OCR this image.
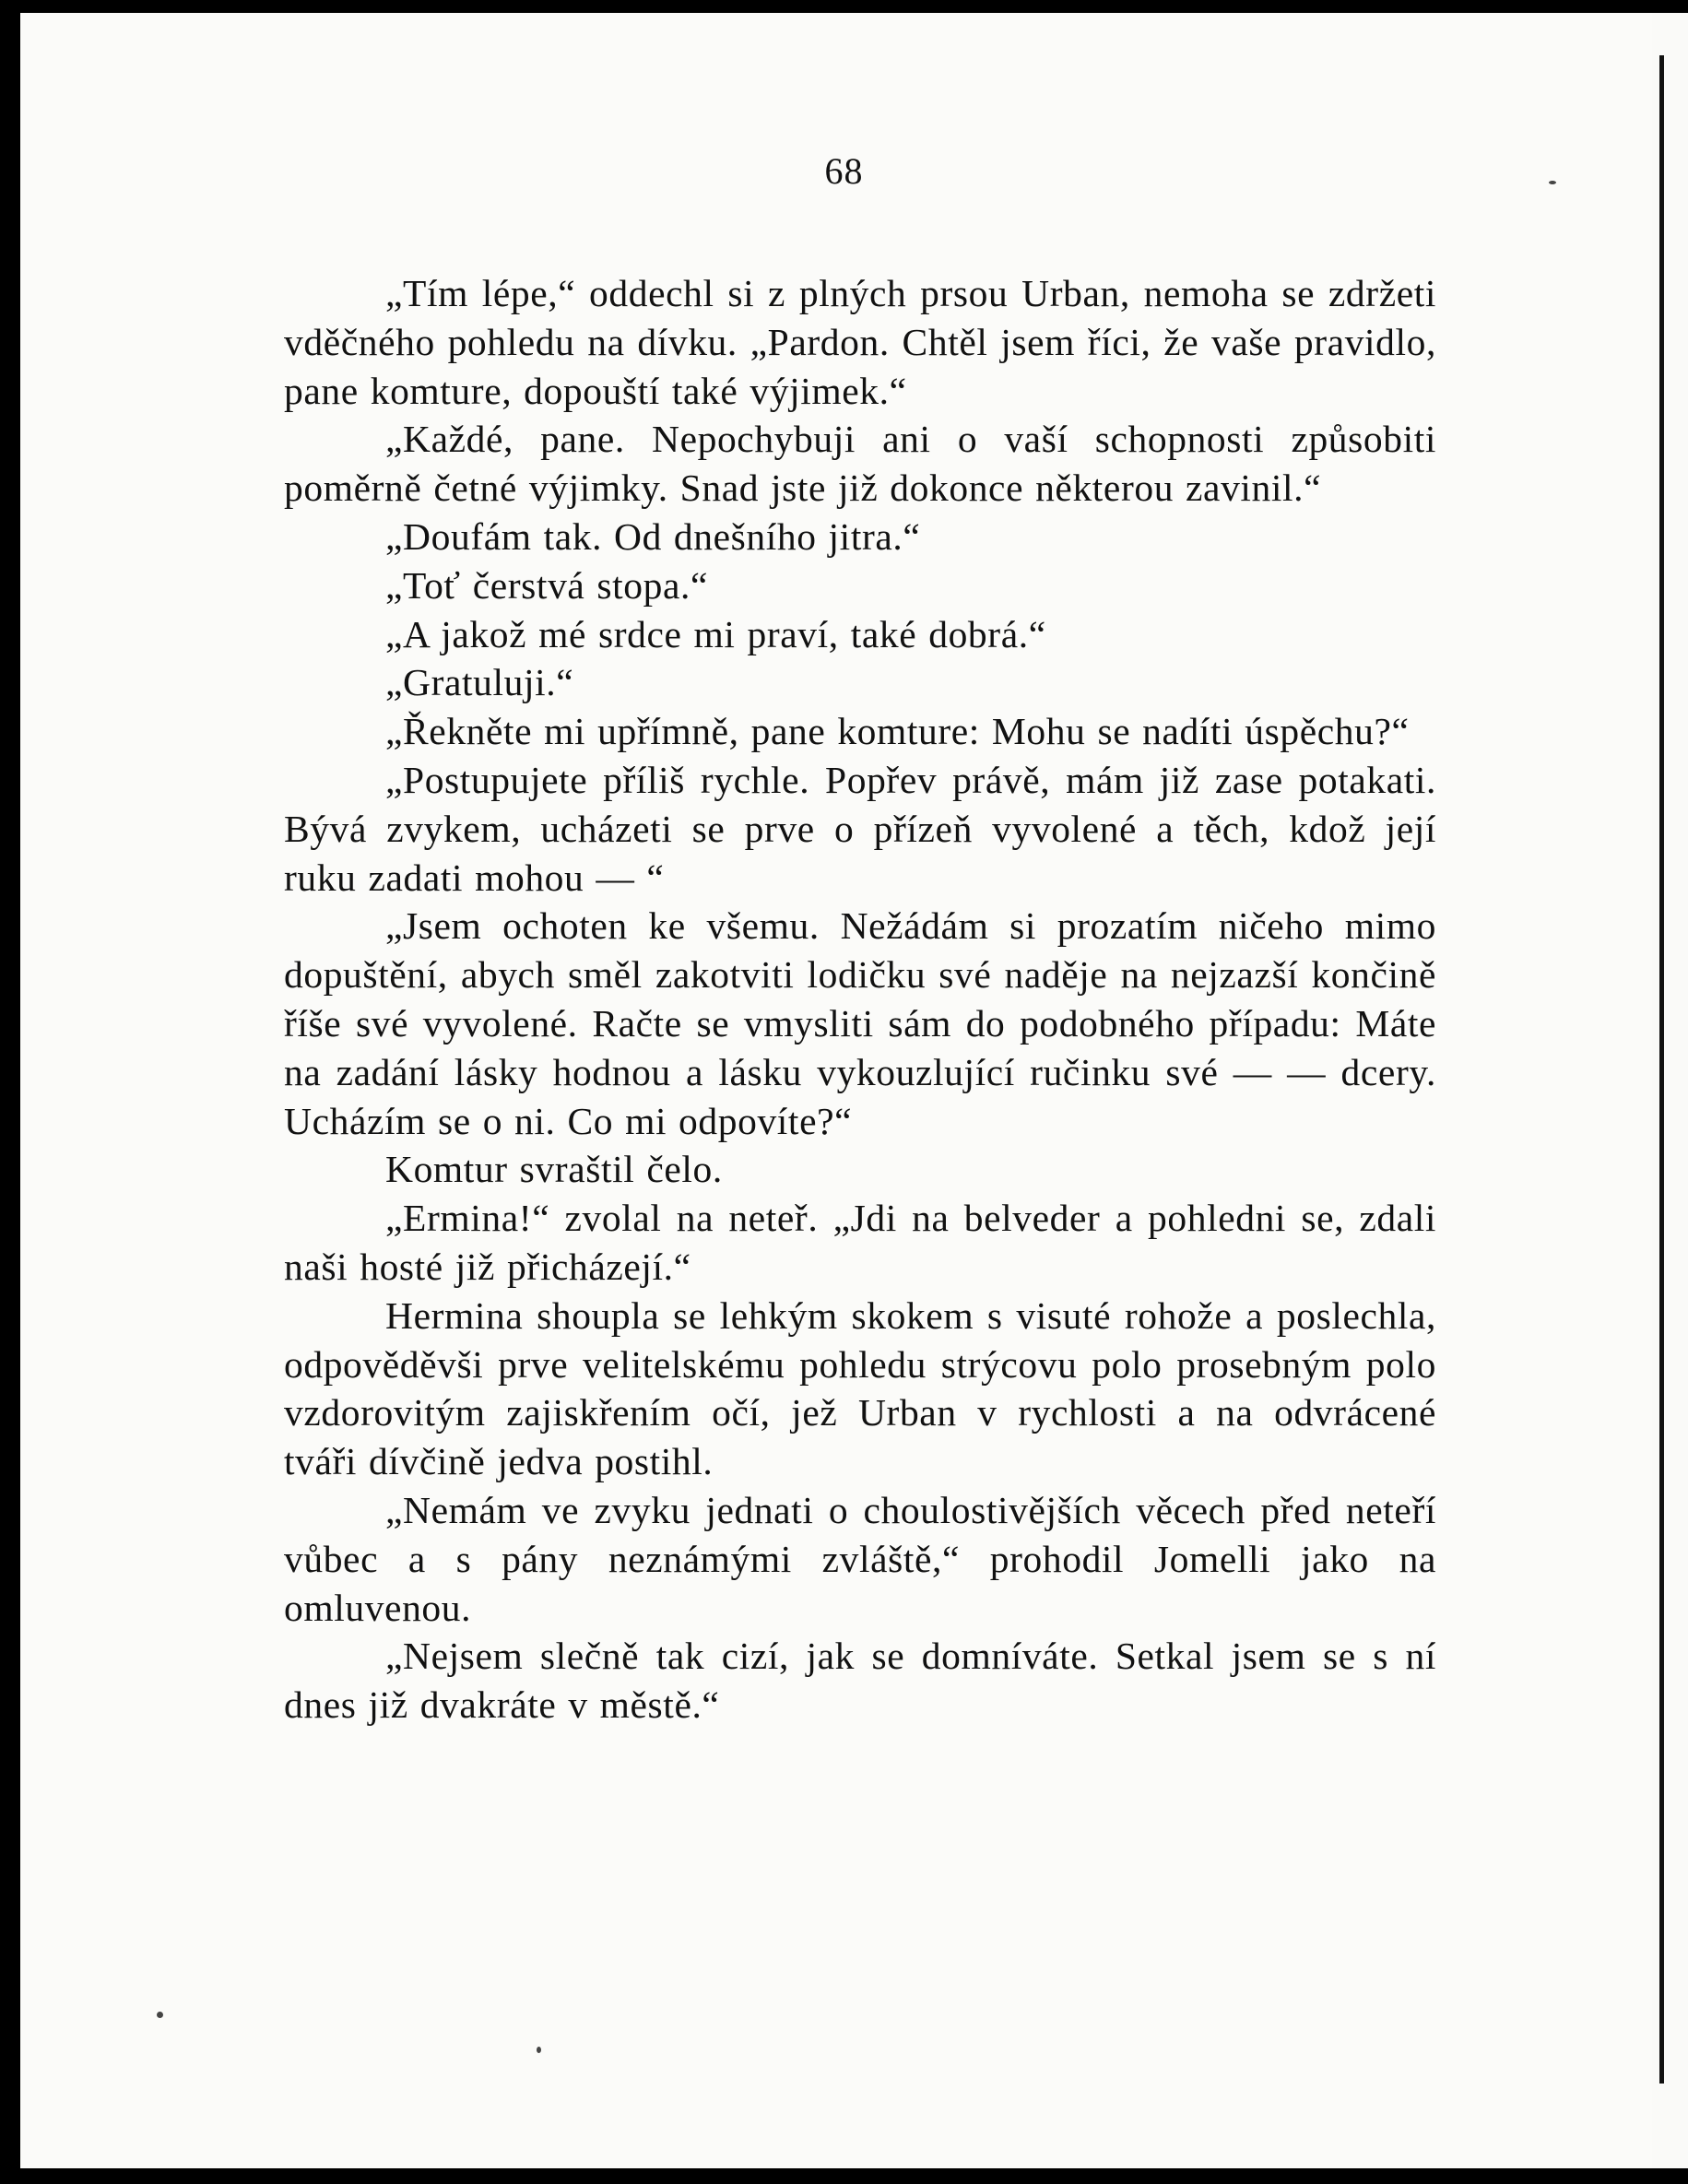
68

„Tím lépe,“ oddechl si z plných prsou Urban, nemoha se zdržeti vděčného pohledu na dívku. „Pardon. Chtěl jsem říci, že vaše pravidlo, pane komture, dopouští také výjimek.“

„Každé, pane. Nepochybuji ani o vaší schopnosti způsobiti poměrně četné výjimky. Snad jste již dokonce některou zavinil.“

„Doufám tak. Od dnešního jitra.“

„Toť čerstvá stopa.“

„A jakož mé srdce mi praví, také dobrá.“

„Gratuluji.“

„Řekněte mi upřímně, pane komture: Mohu se nadíti úspěchu?“

„Postupujete příliš rychle. Popřev právě, mám již zase potakati. Bývá zvykem, ucházeti se prve o přízeň vyvolené a těch, kdož její ruku zadati mohou — “

„Jsem ochoten ke všemu. Nežádám si prozatím ničeho mimo dopuštění, abych směl zakotviti lodičku své naděje na nejzazší končině říše své vyvolené. Račte se vmysliti sám do podobného případu: Máte na zadání lásky hodnou a lásku vykouzlující ručinku své — — dcery. Ucházím se o ni. Co mi odpovíte?“

Komtur svraštil čelo.

„Ermina!“ zvolal na neteř. „Jdi na belveder a pohledni se, zdali naši hosté již přicházejí.“

Hermina shoupla se lehkým skokem s visuté rohože a poslechla, odpověděvši prve velitelskému pohledu strýcovu polo prosebným polo vzdorovitým zajiskřením očí, jež Urban v rychlosti a na odvrácené tváři dívčině jedva postihl.

„Nemám ve zvyku jednati o choulostivějších věcech před neteří vůbec a s pány neznámými zvláště,“ prohodil Jomelli jako na omluvenou.

„Nejsem slečně tak cizí, jak se domníváte. Setkal jsem se s ní dnes již dvakráte v městě.“
